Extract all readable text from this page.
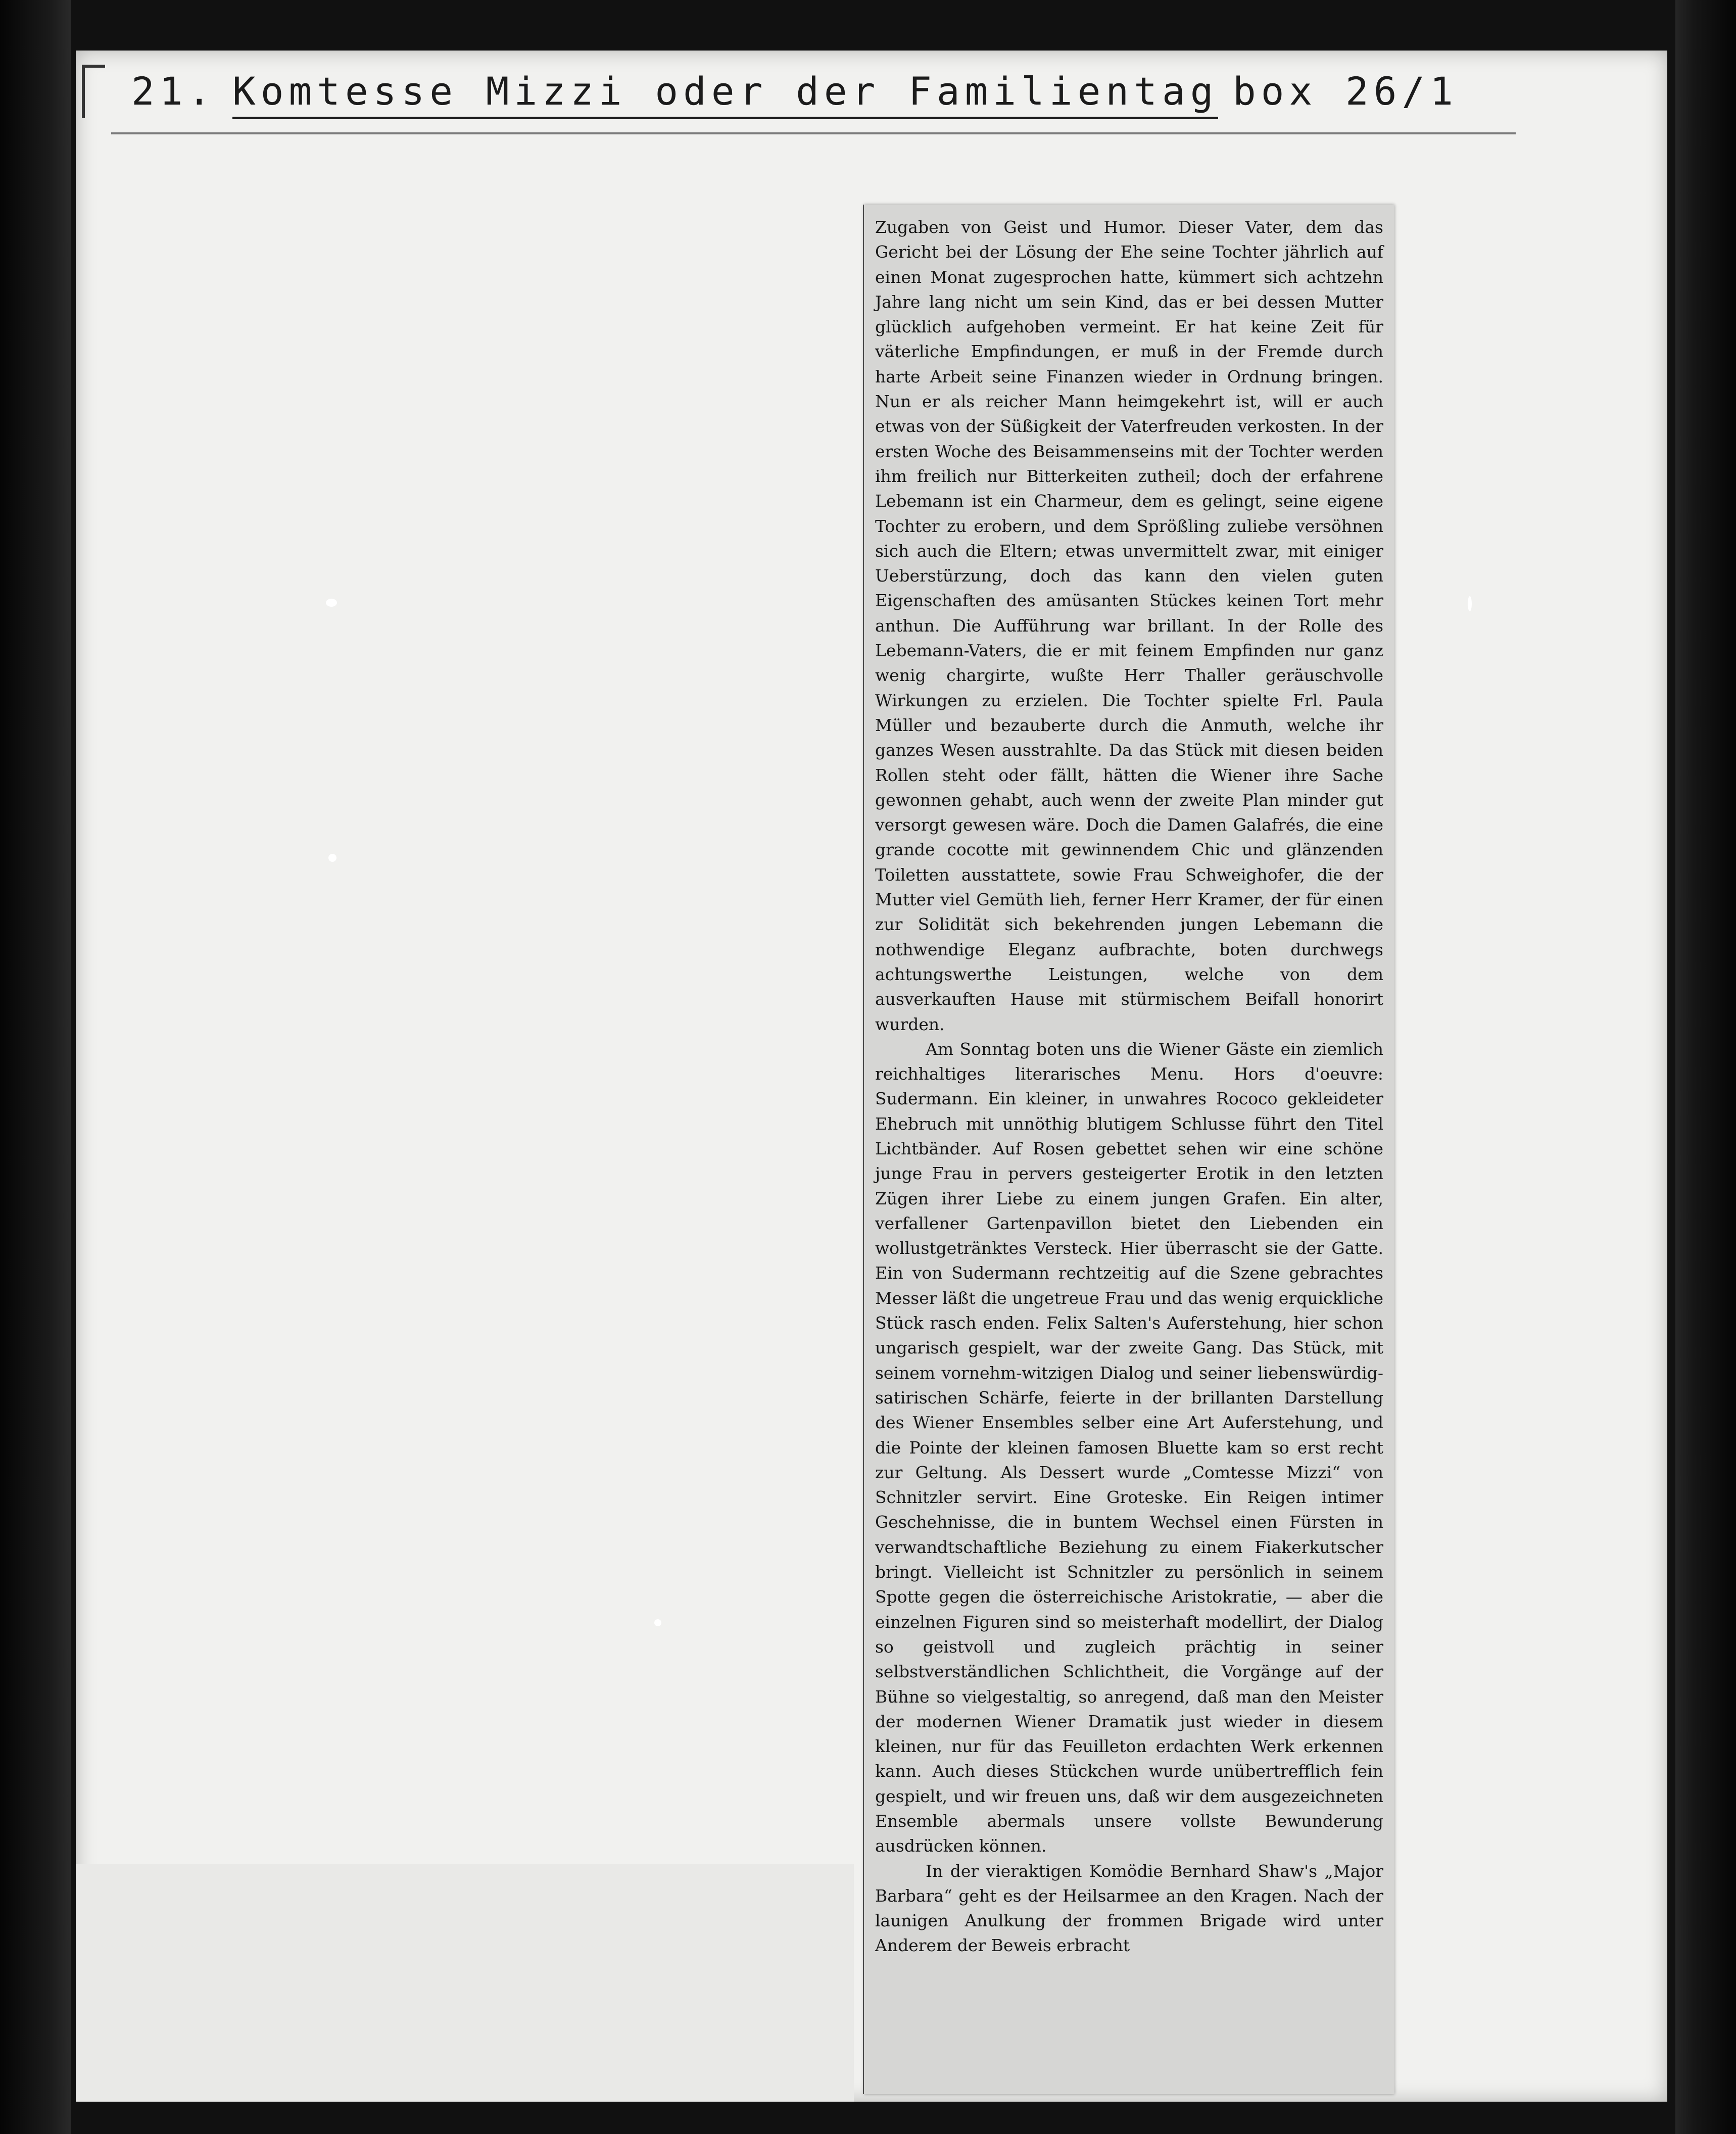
21. Komtesse Mizzi oder der Familientag box 26/1

Zugaben von Geist und Humor. Dieser Vater, dem das Gericht bei der Lösung der Ehe seine Tochter jährlich auf einen Monat zugesprochen hatte, kümmert sich achtzehn Jahre lang nicht um sein Kind, das er bei dessen Mutter glücklich aufgehoben vermeint. Er hat keine Zeit für väterliche Empfindungen, er muß in der Fremde durch harte Arbeit seine Finanzen wieder in Ordnung bringen. Nun er als reicher Mann heimgekehrt ist, will er auch etwas von der Süßigkeit der Vaterfreuden verkosten. In der ersten Woche des Beisammenseins mit der Tochter werden ihm freilich nur Bitterkeiten zutheil; doch der erfahrene Lebemann ist ein Charmeur, dem es gelingt, seine eigene Tochter zu erobern, und dem Sprößling zuliebe versöhnen sich auch die Eltern; etwas unvermittelt zwar, mit einiger Ueberstürzung, doch das kann den vielen guten Eigenschaften des amüsanten Stückes keinen Tort mehr anthun. Die Aufführung war brillant. In der Rolle des Lebemann-Vaters, die er mit feinem Empfinden nur ganz wenig chargirte, wußte Herr Thaller geräuschvolle Wirkungen zu erzielen. Die Tochter spielte Frl. Paula Müller und bezauberte durch die Anmuth, welche ihr ganzes Wesen ausstrahlte. Da das Stück mit diesen beiden Rollen steht oder fällt, hätten die Wiener ihre Sache gewonnen gehabt, auch wenn der zweite Plan minder gut versorgt gewesen wäre. Doch die Damen Galafrés, die eine grande cocotte mit gewinnendem Chic und glänzenden Toiletten ausstattete, sowie Frau Schweighofer, die der Mutter viel Gemüth lieh, ferner Herr Kramer, der für einen zur Solidität sich bekehrenden jungen Lebemann die nothwendige Eleganz aufbrachte, boten durchwegs achtungswerthe Leistungen, welche von dem ausverkauften Hause mit stürmischem Beifall honorirt wurden.

Am Sonntag boten uns die Wiener Gäste ein ziemlich reichhaltiges literarisches Menu. Hors d'oeuvre: Sudermann. Ein kleiner, in unwahres Rococo gekleideter Ehebruch mit unnöthig blutigem Schlusse führt den Titel Lichtbänder. Auf Rosen gebettet sehen wir eine schöne junge Frau in pervers gesteigerter Erotik in den letzten Zügen ihrer Liebe zu einem jungen Grafen. Ein alter, verfallener Gartenpavillon bietet den Liebenden ein wollustgetränktes Versteck. Hier überrascht sie der Gatte. Ein von Sudermann rechtzeitig auf die Szene gebrachtes Messer läßt die ungetreue Frau und das wenig erquickliche Stück rasch enden. Felix Salten's Auferstehung, hier schon ungarisch gespielt, war der zweite Gang. Das Stück, mit seinem vornehm-witzigen Dialog und seiner liebenswürdig-satirischen Schärfe, feierte in der brillanten Darstellung des Wiener Ensembles selber eine Art Auferstehung, und die Pointe der kleinen famosen Bluette kam so erst recht zur Geltung. Als Dessert wurde „Comtesse Mizzi“ von Schnitzler servirt. Eine Groteske. Ein Reigen intimer Geschehnisse, die in buntem Wechsel einen Fürsten in verwandtschaftliche Beziehung zu einem Fiakerkutscher bringt. Vielleicht ist Schnitzler zu persönlich in seinem Spotte gegen die österreichische Aristokratie, — aber die einzelnen Figuren sind so meisterhaft modellirt, der Dialog so geistvoll und zugleich prächtig in seiner selbstverständlichen Schlichtheit, die Vorgänge auf der Bühne so vielgestaltig, so anregend, daß man den Meister der modernen Wiener Dramatik just wieder in diesem kleinen, nur für das Feuilleton erdachten Werk erkennen kann. Auch dieses Stückchen wurde unübertrefflich fein gespielt, und wir freuen uns, daß wir dem ausgezeichneten Ensemble abermals unsere vollste Bewunderung ausdrücken können.

In der vieraktigen Komödie Bernhard Shaw's „Major Barbara“ geht es der Heilsarmee an den Kragen. Nach der launigen Anulkung der frommen Brigade wird unter Anderem der Beweis erbracht
